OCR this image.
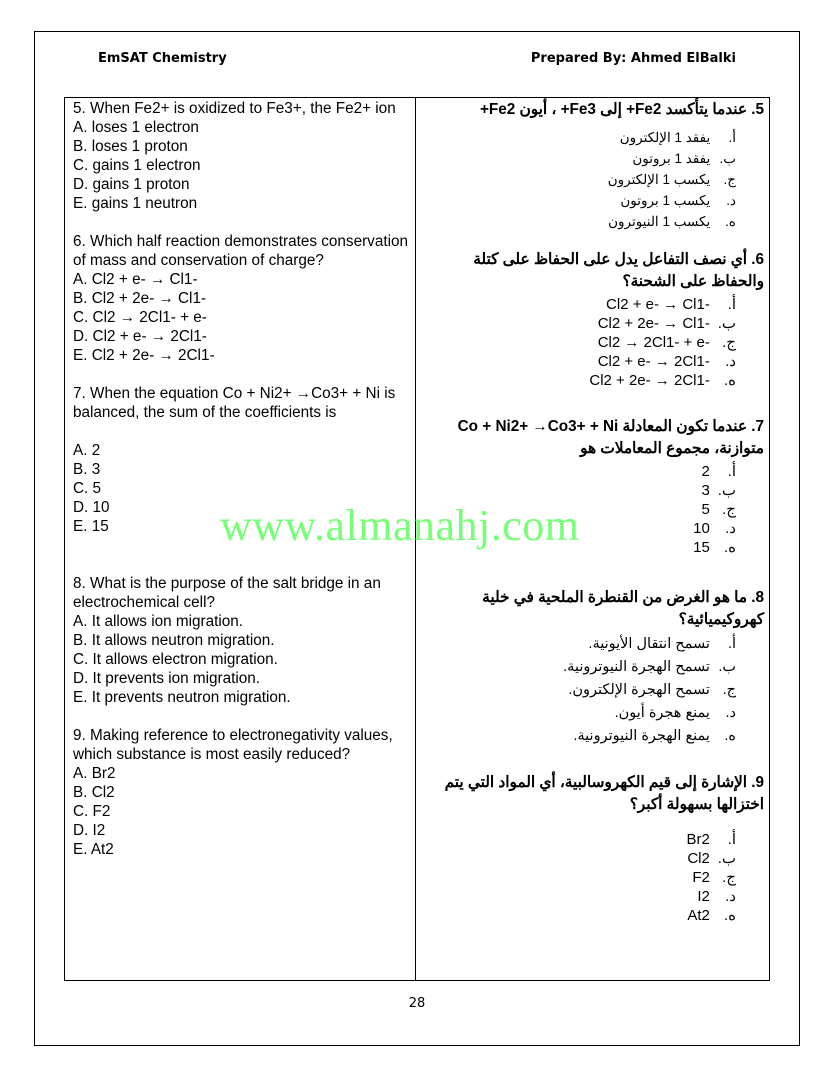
EmSAT Chemistry	Prepared By: Ahmed ElBalki
5. When Fe2+ is oxidized to Fe3+, the Fe2+ ion
A. loses 1 electron
B. loses 1 proton
C. gains 1 electron
D. gains 1 proton
E. gains 1 neutron
6. Which half reaction demonstrates conservation of mass and conservation of charge?
A. Cl2 + e- → Cl1-
B. Cl2 + 2e- → Cl1-
C. Cl2 → 2Cl1- + e-
D. Cl2 + e- → 2Cl1-
E. Cl2 + 2e- → 2Cl1-
7. When the equation Co + Ni2+ →Co3+ + Ni is balanced, the sum of the coefficients is
A. 2
B. 3
C. 5
D. 10
E. 15
8. What is the purpose of the salt bridge in an electrochemical cell?
A. It allows ion migration.
B. It allows neutron migration.
C. It allows electron migration.
D. It prevents ion migration.
E. It prevents neutron migration.
9. Making reference to electronegativity values, which substance is most easily reduced?
A. Br2
B. Cl2
C. F2
D. I2
E. At2
5. عندما يتأكسد Fe2+ إلى Fe3+ ، أيون Fe2+
أ. يفقد 1 الإلكترون
ب. يفقد 1 بروتون
ج. يكسب 1 الإلكترون
د. يكسب 1 بروتون
ه. يكسب 1 النيوترون
6. أي نصف التفاعل يدل على الحفاظ على كتلة والحفاظ على الشحنة؟
أ. Cl2 + e- → Cl1-
ب. Cl2 + 2e- → Cl1-
ج. Cl2 → 2Cl1- + e-
د. Cl2 + e- → 2Cl1-
ه. Cl2 + 2e- → 2Cl1-
7. عندما تكون المعادلة Co + Ni2+ →Co3+ + Ni متوازنة، مجموع المعاملات هو
أ. 2
ب. 3
ج. 5
د. 10
ه. 15
8. ما هو الغرض من القنطرة الملحية في خلية كهروكيميائية؟
أ. تسمح انتقال الأيونية.
ب. تسمح الهجرة النيوترونية.
ج. تسمح الهجرة الإلكترون.
د. يمنع هجرة أيون.
ه. يمنع الهجرة النيوترونية.
9. الإشارة إلى قيم الكهروسالبية، أي المواد التي يتم اختزالها بسهولة أكبر؟
أ. Br2
ب. Cl2
ج. F2
د. I2
ه. At2
www.almanahj.com
28
